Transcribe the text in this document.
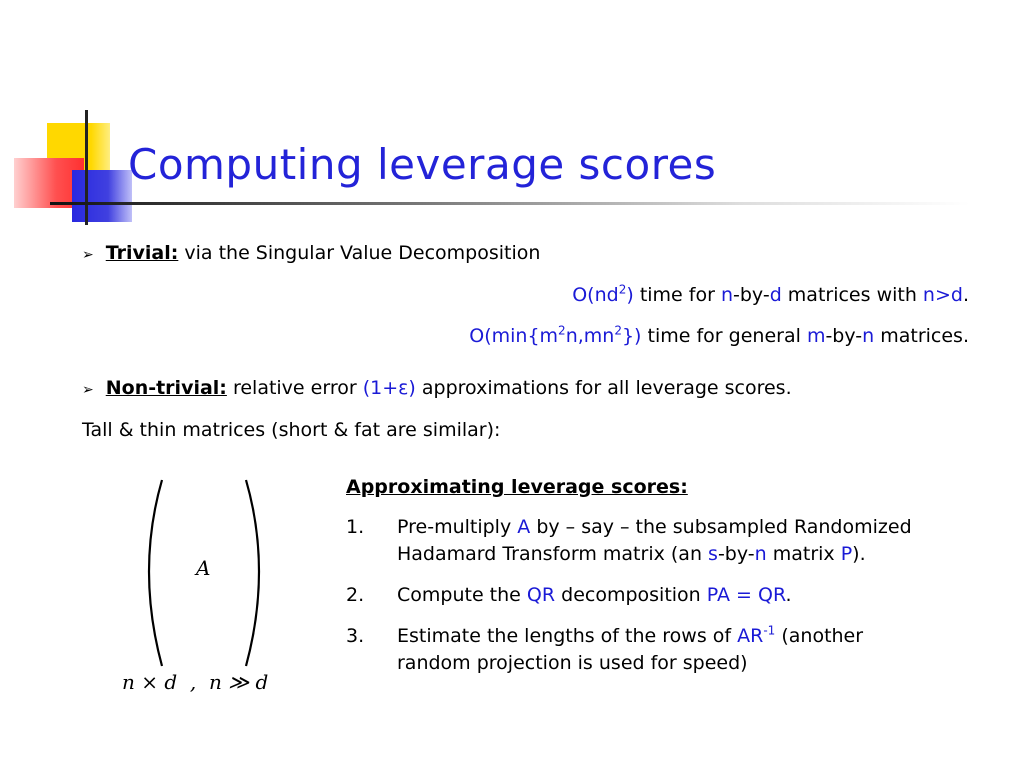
Computing leverage scores
➢ Trivial: via the Singular Value Decomposition
$O(nd^2)$ time for n-by-d matrices with n>d.
$O(\min\{m^2n,mn^2\})$ time for general m-by-n matrices.
➢ Non-trivial: relative error (1+ε) approximations for all leverage scores.
Tall & thin matrices (short & fat are similar):
A
n × d  ,  n ≫ d
Approximating leverage scores:
1. Pre-multiply A by – say – the subsampled Randomized
Hadamard Transform matrix (an s-by-n matrix P).
2. Compute the QR decomposition PA = QR.
3. Estimate the lengths of the rows of $AR^{-1}$ (another
random projection is used for speed)
